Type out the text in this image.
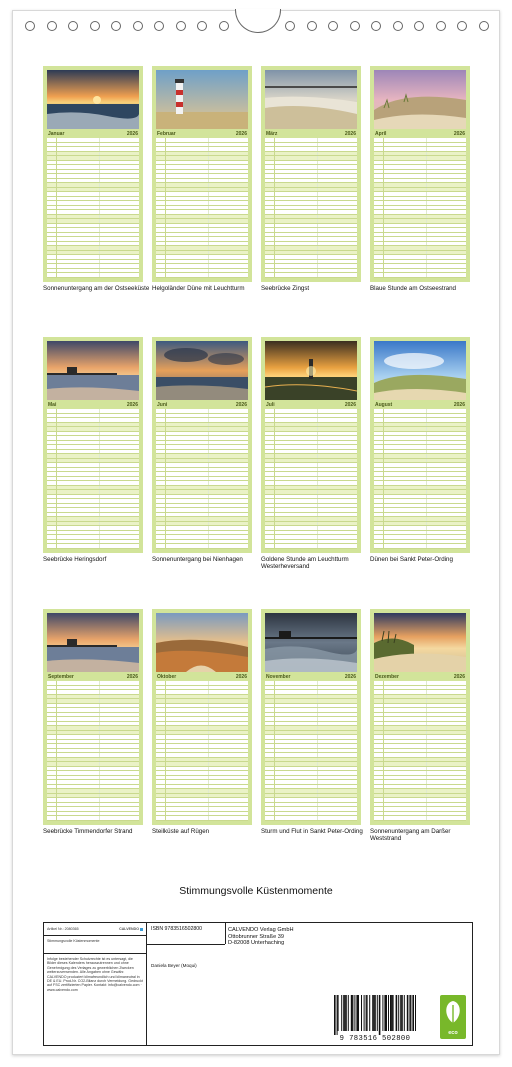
Januar	2026
Sonnenuntergang am der Ostseeküste
Februar	2026
Helgoländer Düne mit Leuchtturm
März	2026
Seebrücke Zingst
April	2026
Blaue Stunde am Ostseestrand
Mai	2026
Seebrücke Heringsdorf
Juni	2026
Sonnenuntergang bei Nienhagen
Juli	2026
Goldene Stunde am Leuchtturm Westerheversand
August	2026
Dünen bei Sankt Peter-Ording
September	2026
Seebrücke Timmendorfer Strand
Oktober	2026
Steilküste auf Rügen
November	2026
Sturm und Flut in Sankt Peter-Ording
Dezember	2026
Sonnenuntergang am Darßer Weststrand
Stimmungsvolle Küstenmomente
Artikel Nr.: 2080365	CALVENDO
Stimmungsvolle Küstenmomente
Infolge bestehender Schutzrechte ist es untersagt, die Bilder dieses Kalenders herauszutrennen und ohne Genehmigung des Verlages zu gewerblichen Zwecken weiterzuverwenden. Alle Angaben ohne Gewähr. CALVENDO produziert klimafreundlich und klimaneutral in DE & EU. Prod-Nr. CO2-Bilanz durch Vermeidung. Gedruckt auf FSC zertifizierten Papier. Kontakt: info@calvendo.com · www.calvendo.com
ISBN 9783516502800
Daniela Beyer (Moqui)
CALVENDO Verlag GmbH
Ottobrunner Straße 39
D-82008 Unterhaching
9 783516 502800
eco
